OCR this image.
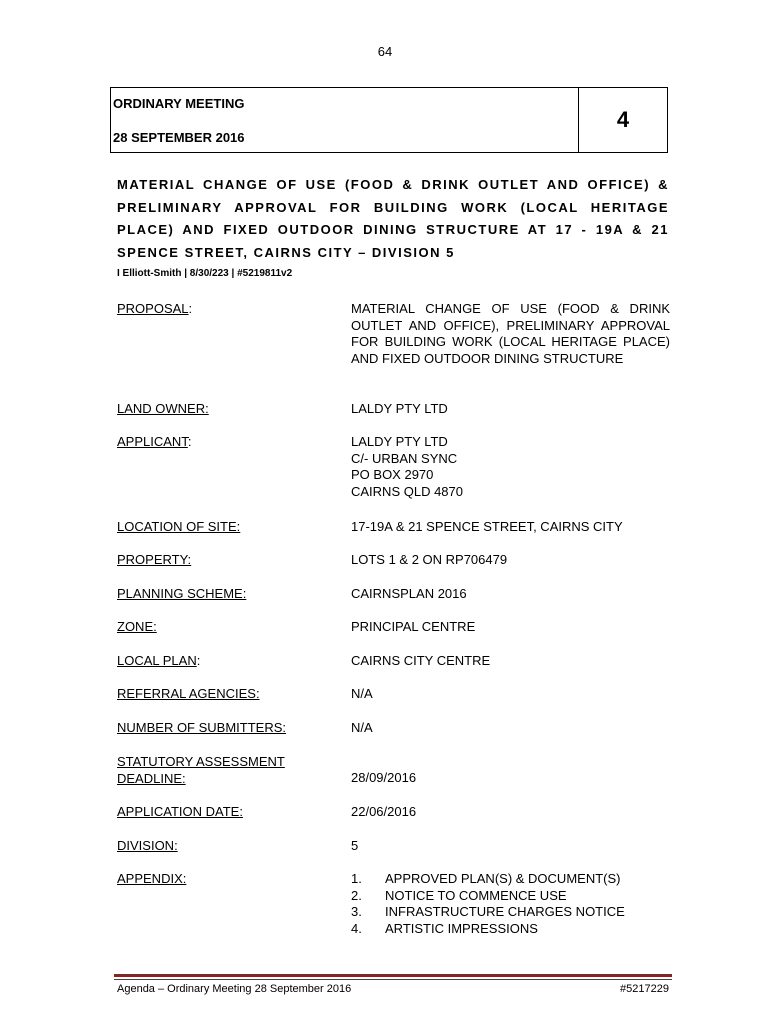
64
ORDINARY MEETING
28 SEPTEMBER 2016
4
MATERIAL CHANGE OF USE (FOOD & DRINK OUTLET AND OFFICE) & PRELIMINARY APPROVAL FOR BUILDING WORK (LOCAL HERITAGE PLACE) AND FIXED OUTDOOR DINING STRUCTURE AT 17 - 19A & 21 SPENCE STREET, CAIRNS CITY – DIVISION 5
I Elliott-Smith | 8/30/223 | #5219811v2
PROPOSAL:	MATERIAL CHANGE OF USE (FOOD & DRINK OUTLET AND OFFICE), PRELIMINARY APPROVAL FOR BUILDING WORK (LOCAL HERITAGE PLACE) AND FIXED OUTDOOR DINING STRUCTURE
LAND OWNER:	LALDY PTY LTD
APPLICANT:	LALDY PTY LTD
C/- URBAN SYNC
PO BOX 2970
CAIRNS QLD 4870
LOCATION OF SITE:	17-19A & 21 SPENCE STREET, CAIRNS CITY
PROPERTY:	LOTS 1 & 2 ON RP706479
PLANNING SCHEME:	CAIRNSPLAN 2016
ZONE:	PRINCIPAL CENTRE
LOCAL PLAN:	CAIRNS CITY CENTRE
REFERRAL AGENCIES:	N/A
NUMBER OF SUBMITTERS:	N/A
STATUTORY ASSESSMENT
DEADLINE:	28/09/2016
APPLICATION DATE:	22/06/2016
DIVISION:	5
APPENDIX:	1.	APPROVED PLAN(S) & DOCUMENT(S)
2.	NOTICE TO COMMENCE USE
3.	INFRASTRUCTURE CHARGES NOTICE
4.	ARTISTIC IMPRESSIONS
Agenda – Ordinary Meeting 28 September 2016	#5217229
